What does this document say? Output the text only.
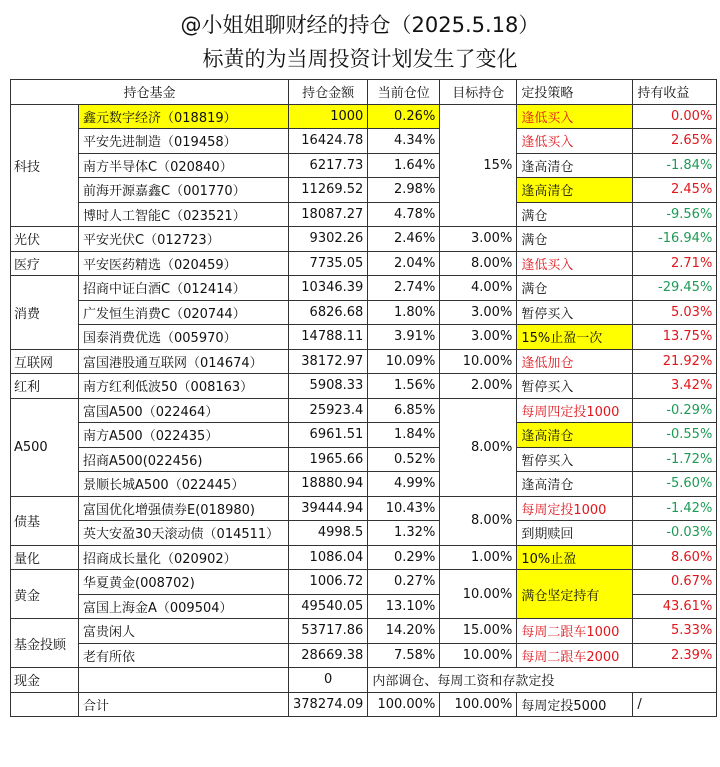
@小姐姐聊财经的持仓（2025.5.18）
标黄的为当周投资计划发生了变化
持仓基金		持仓金额	当前仓位	目标持仓	定投策略	持有收益
科技	鑫元数字经济（018819）	1000	0.26%	15%	逢低买入	0.00%
	平安先进制造（019458）	16424.78	4.34%		逢低买入	2.65%
	南方半导体C（020840）	6217.73	1.64%		逢高清仓	-1.84%
	前海开源嘉鑫C（001770）	11269.52	2.98%		逢高清仓	2.45%
	博时人工智能C（023521）	18087.27	4.78%		满仓	-9.56%
光伏	平安光伏C（012723）	9302.26	2.46%	3.00%	满仓	-16.94%
医疗	平安医药精选（020459）	7735.05	2.04%	8.00%	逢低买入	2.71%
消费	招商中证白酒C（012414）	10346.39	2.74%	4.00%	满仓	-29.45%
	广发恒生消费C（020744）	6826.68	1.80%	3.00%	暂停买入	5.03%
	国泰消费优选（005970）	14788.11	3.91%	3.00%	15%止盈一次	13.75%
互联网	富国港股通互联网（014674）	38172.97	10.09%	10.00%	逢低加仓	21.92%
红利	南方红利低波50（008163）	5908.33	1.56%	2.00%	暂停买入	3.42%
A500	富国A500（022464）	25923.4	6.85%	8.00%	每周四定投1000	-0.29%
	南方A500（022435）	6961.51	1.84%		逢高清仓	-0.55%
	招商A500(022456)	1965.66	0.52%		暂停买入	-1.72%
	景顺长城A500（022445）	18880.94	4.99%		逢高清仓	-5.60%
债基	富国优化增强债券E(018980)	39444.94	10.43%	8.00%	每周定投1000	-1.42%
	英大安盈30天滚动债（014511）	4998.5	1.32%		到期赎回	-0.03%
量化	招商成长量化（020902）	1086.04	0.29%	1.00%	10%止盈	8.60%
黄金	华夏黄金(008702)	1006.72	0.27%	10.00%	满仓坚定持有	0.67%
	富国上海金A（009504）	49540.05	13.10%			43.61%
基金投顾	富贵闲人	53717.86	14.20%	15.00%	每周二跟车1000	5.33%
	老有所依	28669.38	7.58%	10.00%	每周二跟车2000	2.39%
现金		0	内部调仓、每周工资和存款定投			
	合计	378274.09	100.00%	100.00%	每周定投5000	/
